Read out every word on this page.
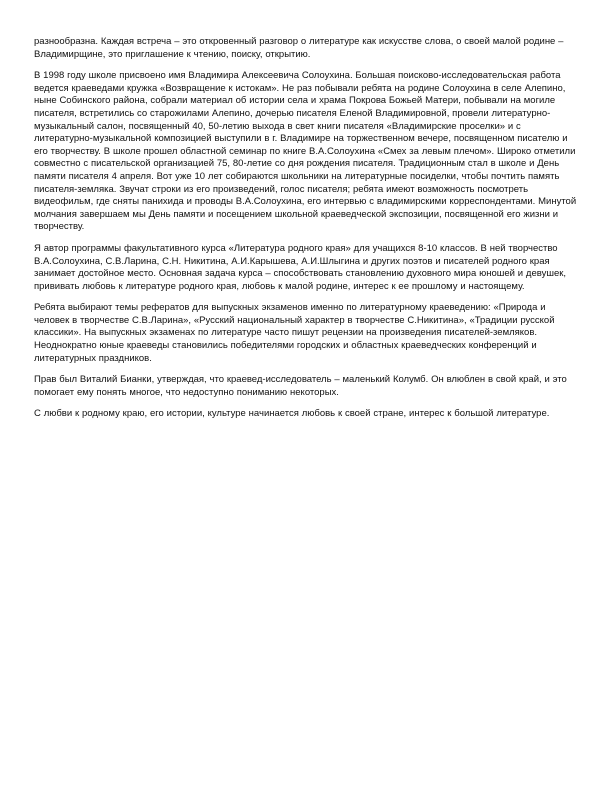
разнообразна. Каждая встреча – это откровенный разговор о литературе как искусстве слова, о своей малой родине – Владимирщине, это приглашение к чтению, поиску, открытию.

В 1998 году школе присвоено имя Владимира Алексеевича Солоухина. Большая поисково-исследовательская работа ведется краеведами кружка «Возвращение к истокам». Не раз побывали ребята на родине Солоухина в селе Алепино, ныне Собинского района, собрали материал об истории села и храма Покрова Божьей Матери, побывали на могиле писателя, встретились со старожилами Алепино, дочерью писателя Еленой Владимировной, провели литературно-музыкальный салон, посвященный 40, 50-летию выхода в свет книги писателя «Владимирские проселки» и с литературно-музыкальной композицией выступили в г. Владимире на торжественном вечере, посвященном писателю и его творчеству. В школе прошел областной семинар по книге В.А.Солоухина «Смех за левым плечом». Широко отметили совместно с писательской организацией 75, 80-летие со дня рождения писателя. Традиционным стал в школе и День памяти писателя 4 апреля. Вот уже 10 лет собираются школьники на литературные посиделки, чтобы почтить память писателя-земляка. Звучат строки из его произведений, голос писателя; ребята имеют возможность посмотреть видеофильм, где сняты панихида и проводы В.А.Солоухина, его интервью с владимирскими корреспондентами. Минутой молчания завершаем мы День памяти и посещением школьной краеведческой экспозиции, посвященной его жизни и творчеству.

Я автор программы факультативного курса «Литература родного края» для учащихся 8-10 классов. В ней творчество В.А.Солоухина, С.В.Ларина, С.Н. Никитина, А.И.Карышева, А.И.Шлыгина и других поэтов и писателей родного края занимает достойное место. Основная задача курса – способствовать становлению духовного мира юношей и девушек, прививать любовь к литературе родного края, любовь к малой родине, интерес к ее прошлому и настоящему.

Ребята выбирают темы рефератов для выпускных экзаменов именно по литературному краеведению: «Природа и человек в творчестве С.В.Ларина», «Русский национальный характер в творчестве С.Никитина», «Традиции русской классики». На выпускных экзаменах по литературе часто пишут рецензии на произведения писателей-земляков. Неоднократно юные краеведы становились победителями городских и областных краеведческих конференций и литературных праздников.

Прав был Виталий Бианки, утверждая, что краевед-исследователь – маленький Колумб. Он влюблен в свой край, и это помогает ему понять многое, что недоступно пониманию некоторых.

С любви к родному краю, его истории, культуре начинается любовь к своей стране, интерес к большой литературе.
